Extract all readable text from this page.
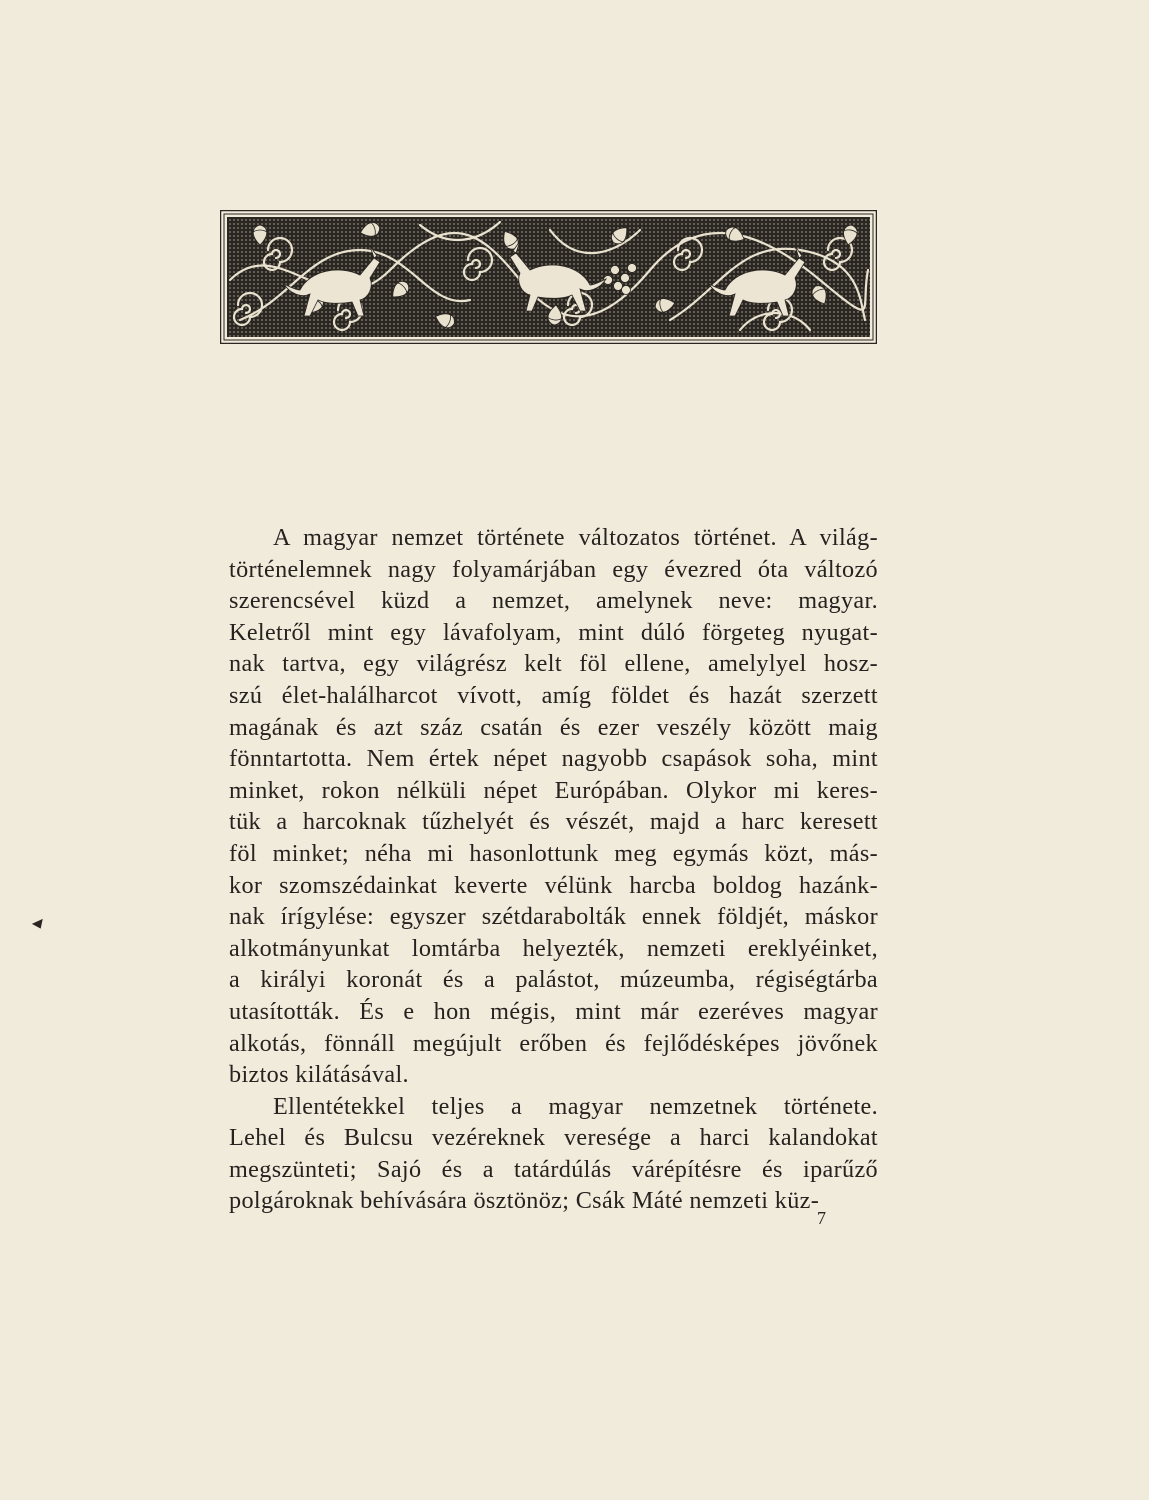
A magyar nemzet története változatos történet. A világ-
történelemnek nagy folyamárjában egy évezred óta változó
szerencsével küzd a nemzet, amelynek neve: magyar.
Keletről mint egy lávafolyam, mint dúló förgeteg nyugat-
nak tartva, egy világrész kelt föl ellene, amelylyel hosz-
szú élet-halálharcot vívott, amíg földet és hazát szerzett
magának és azt száz csatán és ezer veszély között maig
fönntartotta. Nem értek népet nagyobb csapások soha, mint
minket, rokon nélküli népet Európában. Olykor mi keres-
tük a harcoknak tűzhelyét és vészét, majd a harc keresett
föl minket; néha mi hasonlottunk meg egymás közt, más-
kor szomszédainkat keverte vélünk harcba boldog hazánk-
nak írígylése: egyszer szétdarabolták ennek földjét, máskor
alkotmányunkat lomtárba helyezték, nemzeti ereklyéinket,
a királyi koronát és a palástot, múzeumba, régiségtárba
utasították. És e hon mégis, mint már ezeréves magyar
alkotás, fönnáll megújult erőben és fejlődésképes jövőnek
biztos kilátásával.
Ellentétekkel teljes a magyar nemzetnek története.
Lehel és Bulcsu vezéreknek veresége a harci kalandokat
megszünteti; Sajó és a tatárdúlás várépítésre és iparűző
polgároknak behívására ösztönöz; Csák Máté nemzeti küz-
7
